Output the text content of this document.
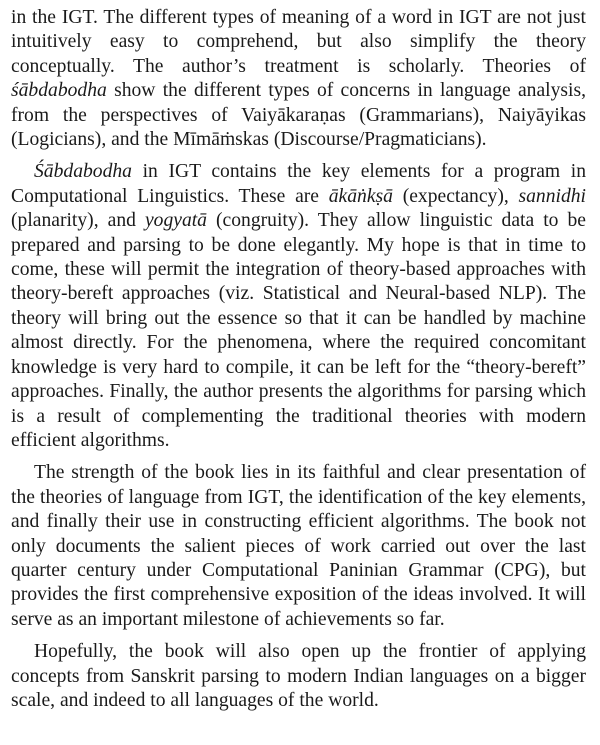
in the IGT. The different types of meaning of a word in IGT are not just intuitively easy to comprehend, but also simplify the theory conceptually. The author’s treatment is scholarly. Theories of śābdabodha show the different types of concerns in language analysis, from the perspectives of Vaiyākaraṇas (Grammarians), Naiyāyikas (Logicians), and the Mīmāṁskas (Discourse/Pragmaticians).

Śābdabodha in IGT contains the key elements for a program in Computational Linguistics. These are ākāṅkṣā (expectancy), sannidhi (planarity), and yogyatā (congruity). They allow linguistic data to be prepared and parsing to be done elegantly. My hope is that in time to come, these will permit the integration of theory-based approaches with theory-bereft approaches (viz. Statistical and Neural-based NLP). The theory will bring out the essence so that it can be handled by machine almost directly. For the phenomena, where the required concomitant knowledge is very hard to compile, it can be left for the “theory-bereft” approaches. Finally, the author presents the algorithms for parsing which is a result of complementing the traditional theories with modern efficient algorithms.

The strength of the book lies in its faithful and clear presentation of the theories of language from IGT, the identification of the key elements, and finally their use in constructing efficient algorithms. The book not only documents the salient pieces of work carried out over the last quarter century under Computational Paninian Grammar (CPG), but provides the first comprehensive exposition of the ideas involved. It will serve as an important milestone of achievements so far.

Hopefully, the book will also open up the frontier of applying concepts from Sanskrit parsing to modern Indian languages on a bigger scale, and indeed to all languages of the world.
